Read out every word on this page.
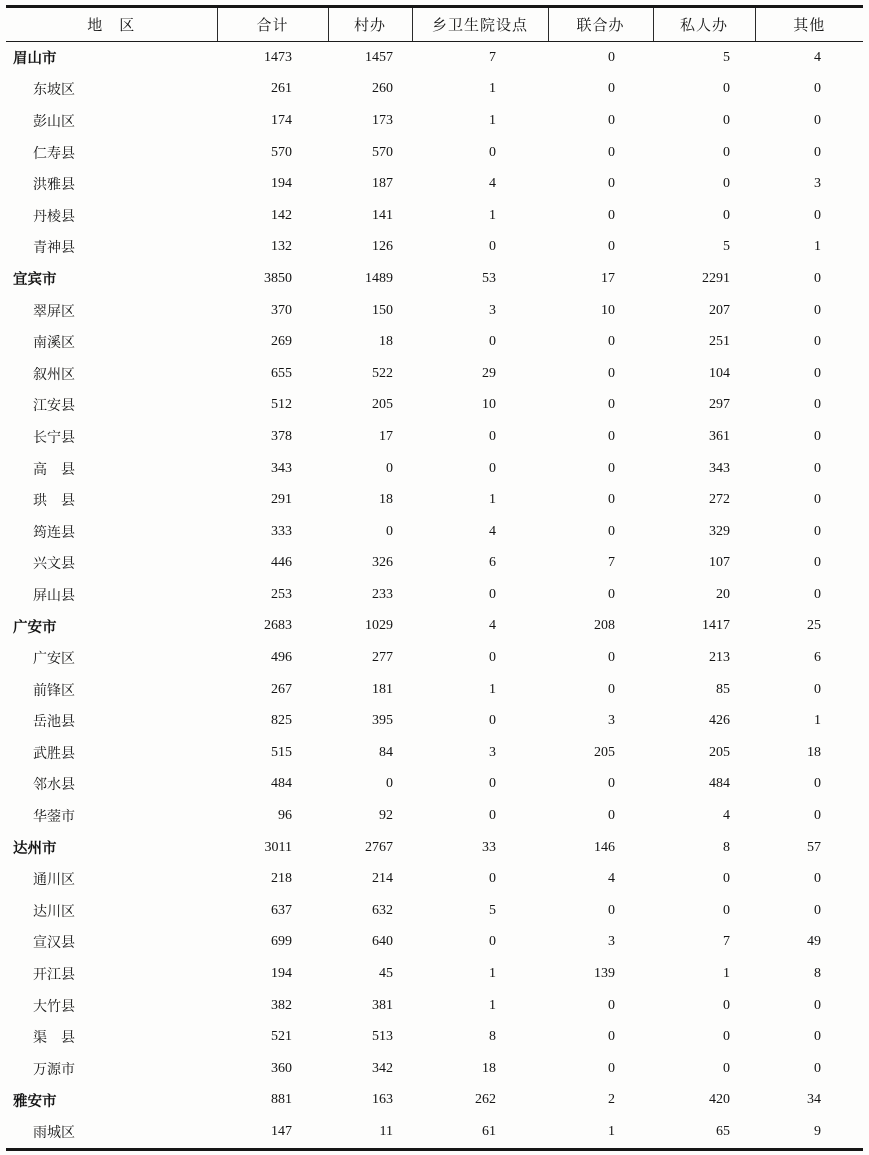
地　区	合计	村办	乡卫生院设点	联合办	私人办	其他
眉山市	1473	1457	7	0	5	4
东坡区	261	260	1	0	0	0
彭山区	174	173	1	0	0	0
仁寿县	570	570	0	0	0	0
洪雅县	194	187	4	0	0	3
丹棱县	142	141	1	0	0	0
青神县	132	126	0	0	5	1
宜宾市	3850	1489	53	17	2291	0
翠屏区	370	150	3	10	207	0
南溪区	269	18	0	0	251	0
叙州区	655	522	29	0	104	0
江安县	512	205	10	0	297	0
长宁县	378	17	0	0	361	0
高　县	343	0	0	0	343	0
珙　县	291	18	1	0	272	0
筠连县	333	0	4	0	329	0
兴文县	446	326	6	7	107	0
屏山县	253	233	0	0	20	0
广安市	2683	1029	4	208	1417	25
广安区	496	277	0	0	213	6
前锋区	267	181	1	0	85	0
岳池县	825	395	0	3	426	1
武胜县	515	84	3	205	205	18
邻水县	484	0	0	0	484	0
华蓥市	96	92	0	0	4	0
达州市	3011	2767	33	146	8	57
通川区	218	214	0	4	0	0
达川区	637	632	5	0	0	0
宣汉县	699	640	0	3	7	49
开江县	194	45	1	139	1	8
大竹县	382	381	1	0	0	0
渠　县	521	513	8	0	0	0
万源市	360	342	18	0	0	0
雅安市	881	163	262	2	420	34
雨城区	147	11	61	1	65	9
